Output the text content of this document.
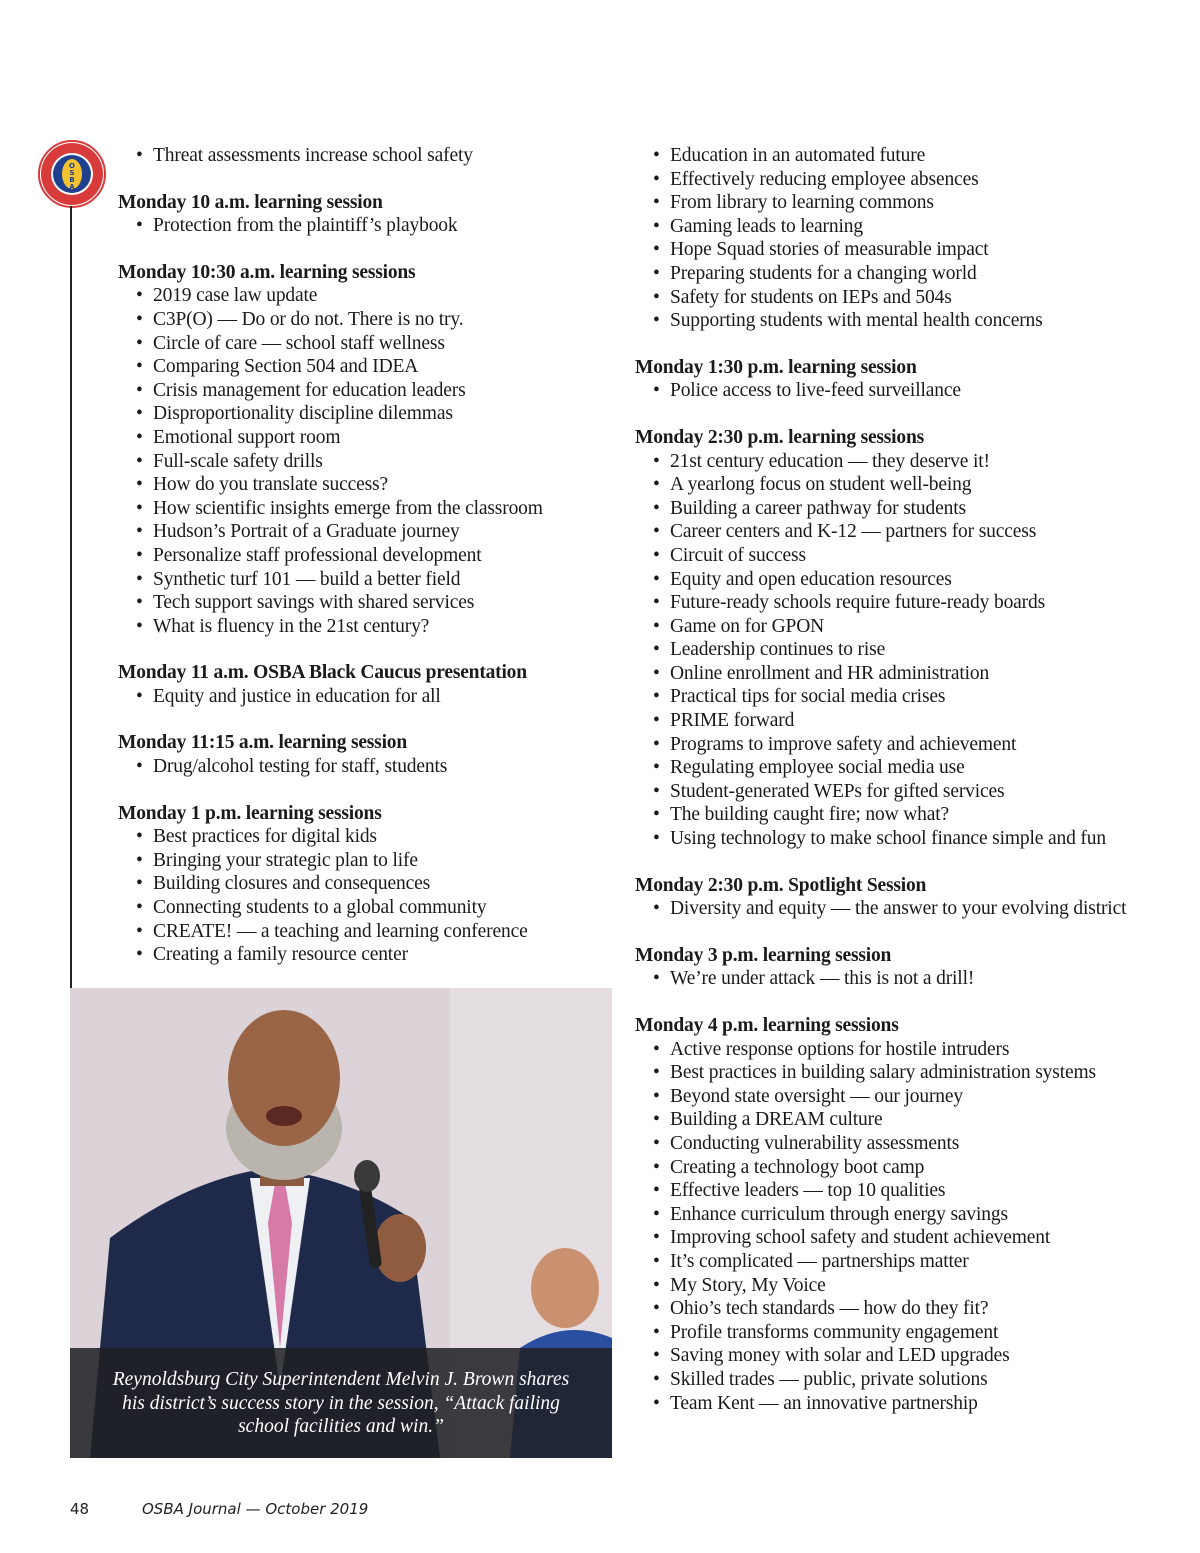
O
S
B
A
• Threat assessments increase school safety
Monday 10 a.m. learning session
• Protection from the plaintiff’s playbook
Monday 10:30 a.m. learning sessions
• 2019 case law update
• C3P(O) — Do or do not. There is no try.
• Circle of care — school staff wellness
• Comparing Section 504 and IDEA
• Crisis management for education leaders
• Disproportionality discipline dilemmas
• Emotional support room
• Full-scale safety drills
• How do you translate success?
• How scientific insights emerge from the classroom
• Hudson’s Portrait of a Graduate journey
• Personalize staff professional development
• Synthetic turf 101 — build a better field
• Tech support savings with shared services
• What is fluency in the 21st century?
Monday 11 a.m. OSBA Black Caucus presentation
• Equity and justice in education for all
Monday 11:15 a.m. learning session
• Drug/alcohol testing for staff, students
Monday 1 p.m. learning sessions
• Best practices for digital kids
• Bringing your strategic plan to life
• Building closures and consequences
• Connecting students to a global community
• CREATE! — a teaching and learning conference
• Creating a family resource center
• Education in an automated future
• Effectively reducing employee absences
• From library to learning commons
• Gaming leads to learning
• Hope Squad stories of measurable impact
• Preparing students for a changing world
• Safety for students on IEPs and 504s
• Supporting students with mental health concerns
Monday 1:30 p.m. learning session
• Police access to live-feed surveillance
Monday 2:30 p.m. learning sessions
• 21st century education — they deserve it!
• A yearlong focus on student well-being
• Building a career pathway for students
• Career centers and K-12 — partners for success
• Circuit of success
• Equity and open education resources
• Future-ready schools require future-ready boards
• Game on for GPON
• Leadership continues to rise
• Online enrollment and HR administration
• Practical tips for social media crises
• PRIME forward
• Programs to improve safety and achievement
• Regulating employee social media use
• Student-generated WEPs for gifted services
• The building caught fire; now what?
• Using technology to make school finance simple and fun
Monday 2:30 p.m. Spotlight Session
• Diversity and equity — the answer to your evolving district
Monday 3 p.m. learning session
• We’re under attack — this is not a drill!
Monday 4 p.m. learning sessions
• Active response options for hostile intruders
• Best practices in building salary administration systems
• Beyond state oversight — our journey
• Building a DREAM culture
• Conducting vulnerability assessments
• Creating a technology boot camp
• Effective leaders — top 10 qualities
• Enhance curriculum through energy savings
• Improving school safety and student achievement
• It’s complicated — partnerships matter
• My Story, My Voice
• Ohio’s tech standards — how do they fit?
• Profile transforms community engagement
• Saving money with solar and LED upgrades
• Skilled trades — public, private solutions
• Team Kent — an innovative partnership
Reynoldsburg City Superintendent Melvin J. Brown shares his district’s success story in the session, “Attack failing school facilities and win.”
48	OSBA Journal — October 2019
